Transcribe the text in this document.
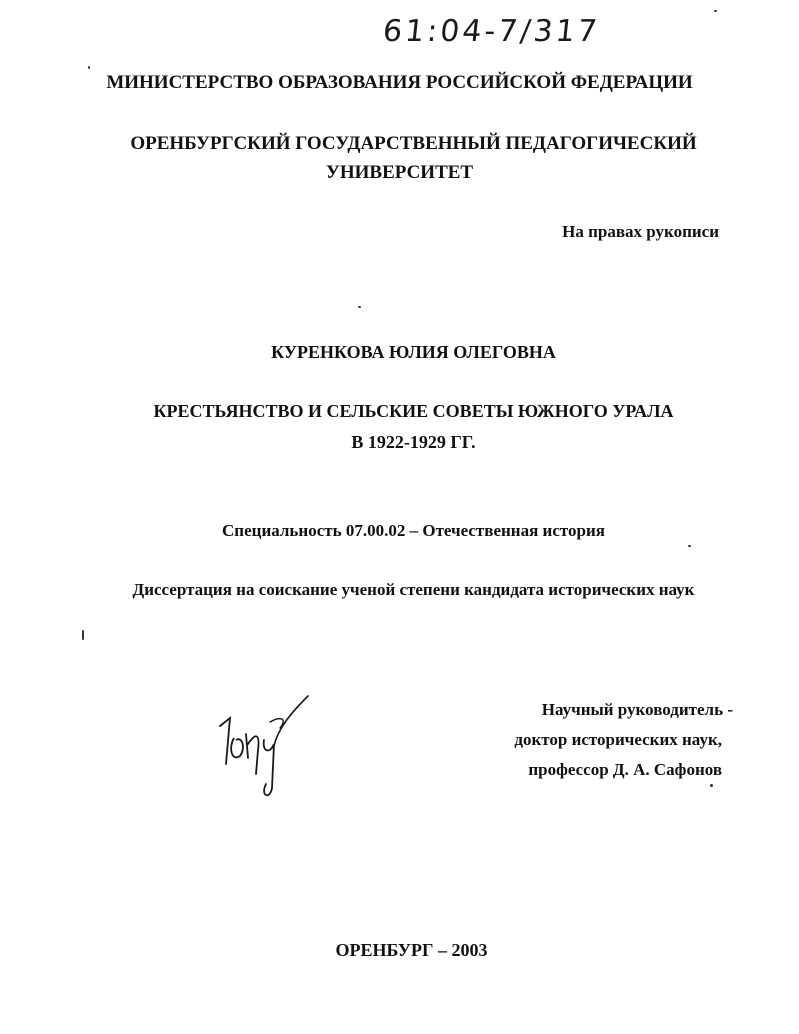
61:04-7/317
МИНИСТЕРСТВО ОБРАЗОВАНИЯ РОССИЙСКОЙ ФЕДЕРАЦИИ
ОРЕНБУРГСКИЙ ГОСУДАРСТВЕННЫЙ ПЕДАГОГИЧЕСКИЙ
УНИВЕРСИТЕТ
На правах рукописи
КУРЕНКОВА ЮЛИЯ ОЛЕГОВНА
КРЕСТЬЯНСТВО И СЕЛЬСКИЕ СОВЕТЫ ЮЖНОГО УРАЛА
В 1922-1929 ГГ.
Специальность 07.00.02 – Отечественная история
Диссертация на соискание ученой степени кандидата исторических наук
Научный руководитель -
доктор исторических наук,
профессор Д. А. Сафонов
ОРЕНБУРГ – 2003
